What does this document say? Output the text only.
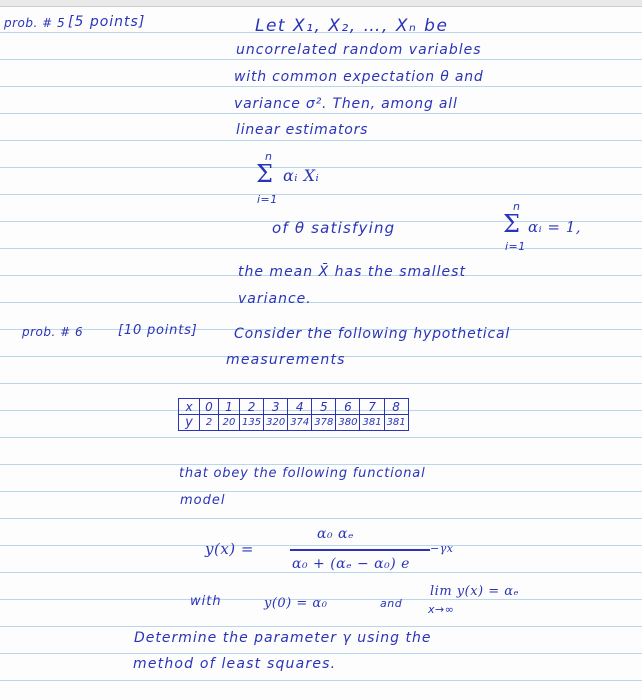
prob. # 5 [5 points]	Let X₁, X₂, …, Xₙ be
uncorrelated random variables
with common expectation θ and
variance σ². Then, among all
linear estimators
n
Σ αᵢ Xᵢ
i=1
of θ satisfying
n
Σ αᵢ = 1,
i=1
the mean X̄ has the smallest
variance.
prob. # 6	[10 points]	Consider the following hypothetical
measurements
x	0	1	2	3	4	5	6	7	8
y	2	20	135	320	374	378	380	381	381
that obey the following functional
model
α₀ αₑ
y(x) =
α₀ + (αₑ − α₀) e
−γx
with	y(0) = α₀	and
lim y(x) = αₑ
x→∞
Determine the parameter γ using the
method of least squares.
